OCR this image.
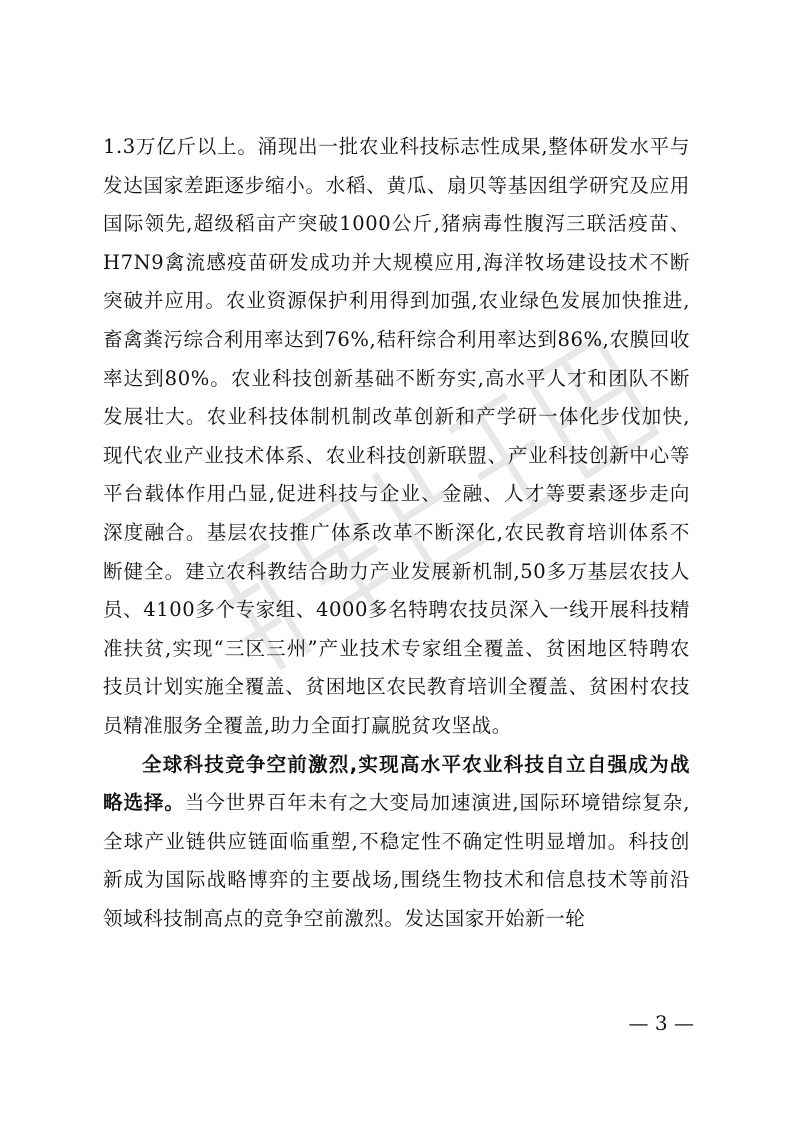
1.3万亿斤以上。涌现出一批农业科技标志性成果,整体研发水平与发达国家差距逐步缩小。水稻、黄瓜、扇贝等基因组学研究及应用国际领先,超级稻亩产突破1000公斤,猪病毒性腹泻三联活疫苗、H7N9禽流感疫苗研发成功并大规模应用,海洋牧场建设技术不断突破并应用。农业资源保护利用得到加强,农业绿色发展加快推进,畜禽粪污综合利用率达到76%,秸秆综合利用率达到86%,农膜回收率达到80%。农业科技创新基础不断夯实,高水平人才和团队不断发展壮大。农业科技体制机制改革创新和产学研一体化步伐加快,现代农业产业技术体系、农业科技创新联盟、产业科技创新中心等平台载体作用凸显,促进科技与企业、金融、人才等要素逐步走向深度融合。基层农技推广体系改革不断深化,农民教育培训体系不断健全。建立农科教结合助力产业发展新机制,50多万基层农技人员、4100多个专家组、4000多名特聘农技员深入一线开展科技精准扶贫,实现“三区三州”产业技术专家组全覆盖、贫困地区特聘农技员计划实施全覆盖、贫困地区农民教育培训全覆盖、贫困村农技员精准服务全覆盖,助力全面打赢脱贫攻坚战。

全球科技竞争空前激烈,实现高水平农业科技自立自强成为战略选择。当今世界百年未有之大变局加速演进,国际环境错综复杂,全球产业链供应链面临重塑,不稳定性不确定性明显增加。科技创新成为国际战略博弈的主要战场,围绕生物技术和信息技术等前沿领域科技制高点的竞争空前激烈。发达国家开始新一轮

— 3 —
